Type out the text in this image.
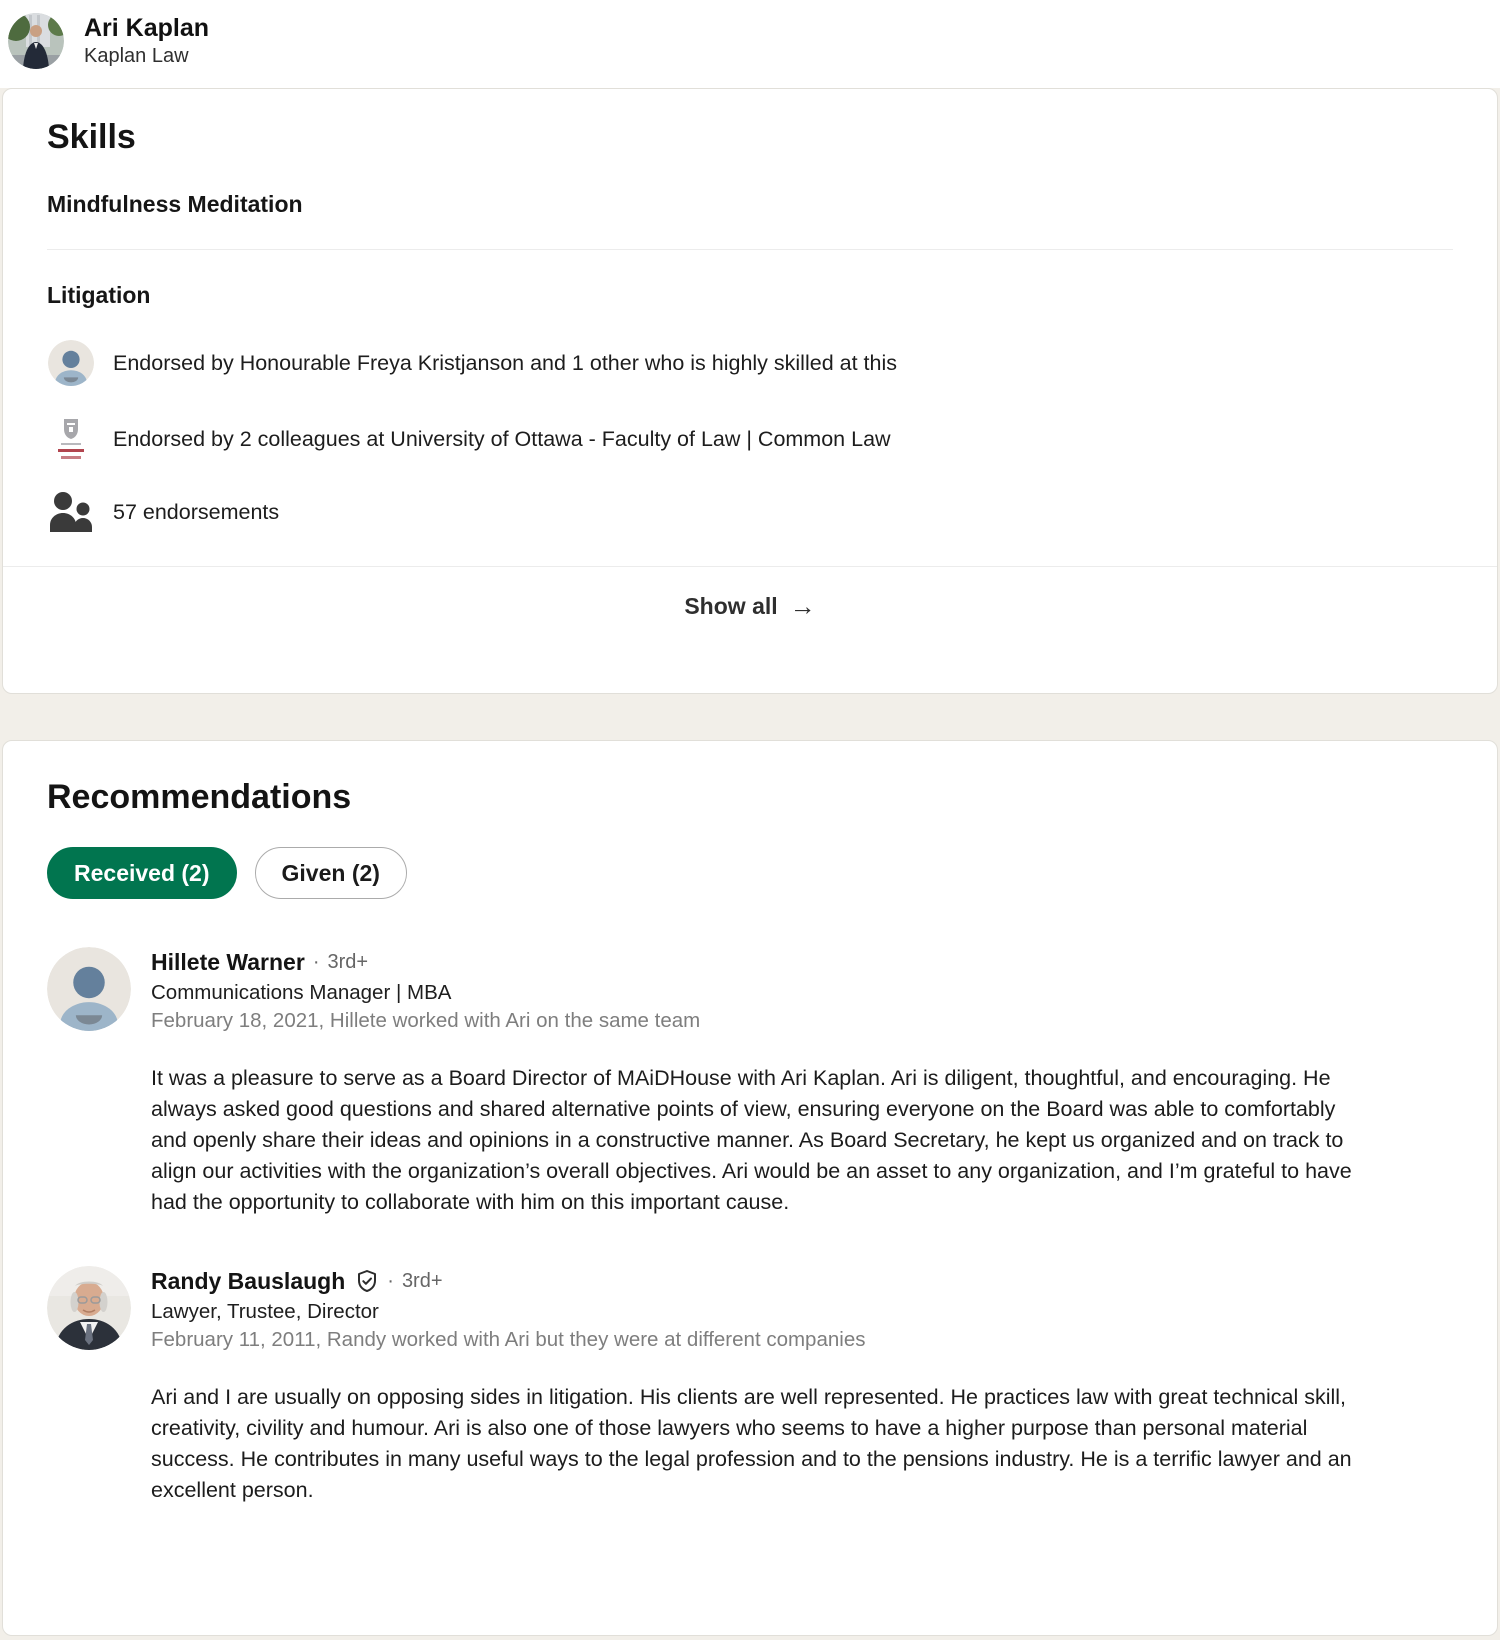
Ari Kaplan
Kaplan Law
Skills
Mindfulness Meditation
Litigation
Endorsed by Honourable Freya Kristjanson and 1 other who is highly skilled at this
Endorsed by 2 colleagues at University of Ottawa - Faculty of Law | Common Law
57 endorsements
Show all →
Recommendations
Received (2)	Given (2)
Hillete Warner · 3rd+
Communications Manager | MBA
February 18, 2021, Hillete worked with Ari on the same team
It was a pleasure to serve as a Board Director of MAiDHouse with Ari Kaplan. Ari is diligent, thoughtful, and encouraging. He always asked good questions and shared alternative points of view, ensuring everyone on the Board was able to comfortably and openly share their ideas and opinions in a constructive manner. As Board Secretary, he kept us organized and on track to align our activities with the organization’s overall objectives. Ari would be an asset to any organization, and I’m grateful to have had the opportunity to collaborate with him on this important cause.
Randy Bauslaugh · 3rd+
Lawyer, Trustee, Director
February 11, 2011, Randy worked with Ari but they were at different companies
Ari and I are usually on opposing sides in litigation. His clients are well represented. He practices law with great technical skill, creativity, civility and humour. Ari is also one of those lawyers who seems to have a higher purpose than personal material success. He contributes in many useful ways to the legal profession and to the pensions industry. He is a terrific lawyer and an excellent person.
